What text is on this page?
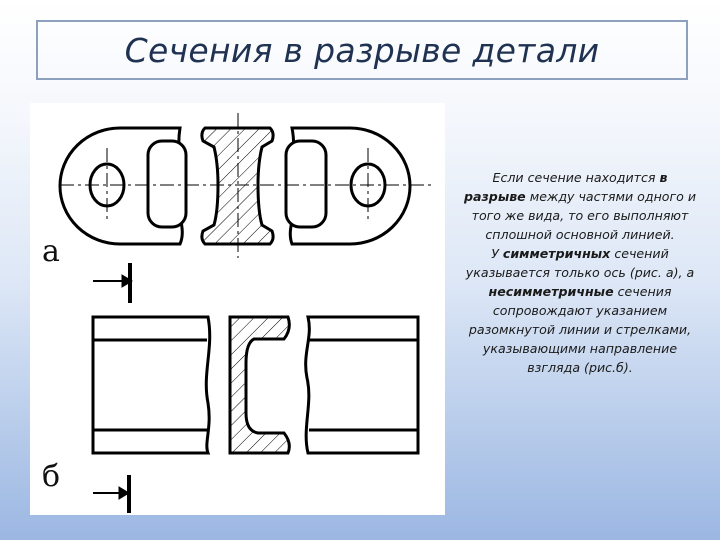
Сечения в разрыве детали
а
б
Если сечение находится в разрыве между частями одного и того же вида, то его выполняют сплошной основной линией.
У симметричных сечений указывается только ось (рис. а), а несимметричные сечения сопровождают указанием разомкнутой линии и стрелками, указывающими направление взгляда (рис.б).
